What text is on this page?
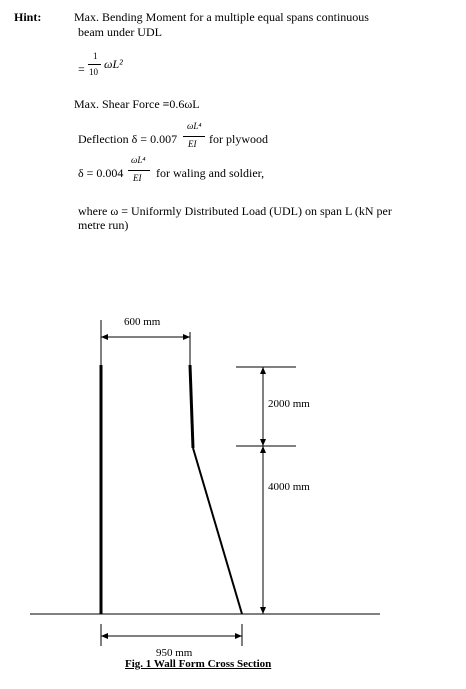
Hint:	Max. Bending Moment for a multiple equal spans continuous
beam under UDL
=
1
10
ωL²
Max. Shear Force ≡0.6ωL
Deflection δ = 0.007
ωL⁴
EI for plywood
δ = 0.004
ωL⁴
EI for waling and soldier,
where ω = Uniformly Distributed Load (UDL) on span L (kN per
metre run)
600 mm
2000 mm
4000 mm
950 mm
Fig. 1 Wall Form Cross Section
